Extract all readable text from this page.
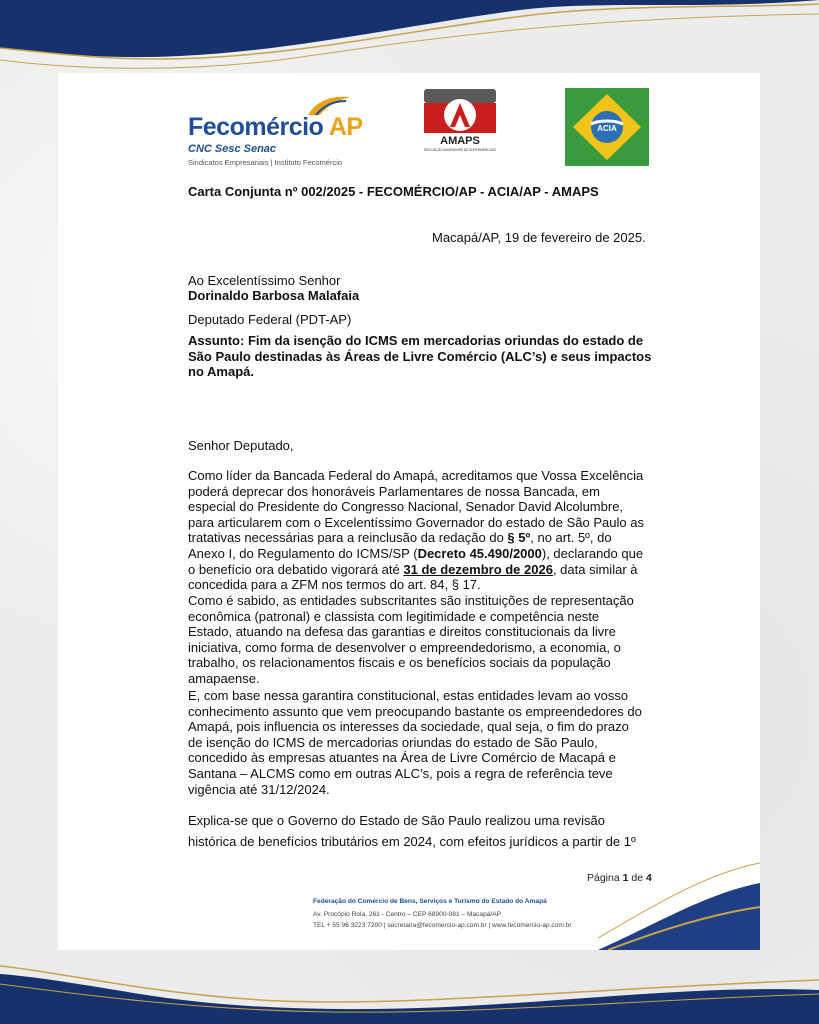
Fecomércio AP
CNC Sesc Senac
Sindicatos Empresariais | Instituto Fecomércio
AMAPS
ASSOCIAÇÃO AMAPAENSE DE SUPERMERCADOS
ACIA
Carta Conjunta nº 002/2025 - FECOMÉRCIO/AP - ACIA/AP - AMAPS
Macapá/AP, 19 de fevereiro de 2025.
Ao Excelentíssimo Senhor
Dorinaldo Barbosa Malafaia
Deputado Federal (PDT-AP)
Assunto: Fim da isenção do ICMS em mercadorias oriundas do estado de
São Paulo destinadas às Áreas de Livre Comércio (ALC’s) e seus impactos
no Amapá.
Senhor Deputado,
Como líder da Bancada Federal do Amapá, acreditamos que Vossa Excelência
poderá deprecar dos honoráveis Parlamentares de nossa Bancada, em
especial do Presidente do Congresso Nacional, Senador David Alcolumbre,
para articularem com o Excelentíssimo Governador do estado de São Paulo as
tratativas necessárias para a reinclusão da redação do § 5º, no art. 5º, do
Anexo I, do Regulamento do ICMS/SP (Decreto 45.490/2000), declarando que
o benefício ora debatido vigorará até 31 de dezembro de 2026, data similar à
concedida para a ZFM nos termos do art. 84, § 17.
Como é sabido, as entidades subscritantes são instituições de representação
econômica (patronal) e classista com legitimidade e competência neste
Estado, atuando na defesa das garantias e direitos constitucionais da livre
iniciativa, como forma de desenvolver o empreendedorismo, a economia, o
trabalho, os relacionamentos fiscais e os benefícios sociais da população
amapaense.
E, com base nessa garantira constitucional, estas entidades levam ao vosso
conhecimento assunto que vem preocupando bastante os empreendedores do
Amapá, pois influencia os interesses da sociedade, qual seja, o fim do prazo
de isenção do ICMS de mercadorias oriundas do estado de São Paulo,
concedido às empresas atuantes na Área de Livre Comércio de Macapá e
Santana – ALCMS como em outras ALC’s, pois a regra de referência teve
vigência até 31/12/2024.
Explica-se que o Governo do Estado de São Paulo realizou uma revisão
histórica de benefícios tributários em 2024, com efeitos jurídicos a partir de 1º
Página 1 de 4
Federação do Comércio de Bens, Serviços e Turismo do Estado do Amapá
Av. Procópio Rola, 261 - Centro – CEP 68900-081 – Macapá/AP
TEL + 55 96 3223 7200 | secretaria@fecomercio-ap.com.br | www.fecomercio-ap.com.br
